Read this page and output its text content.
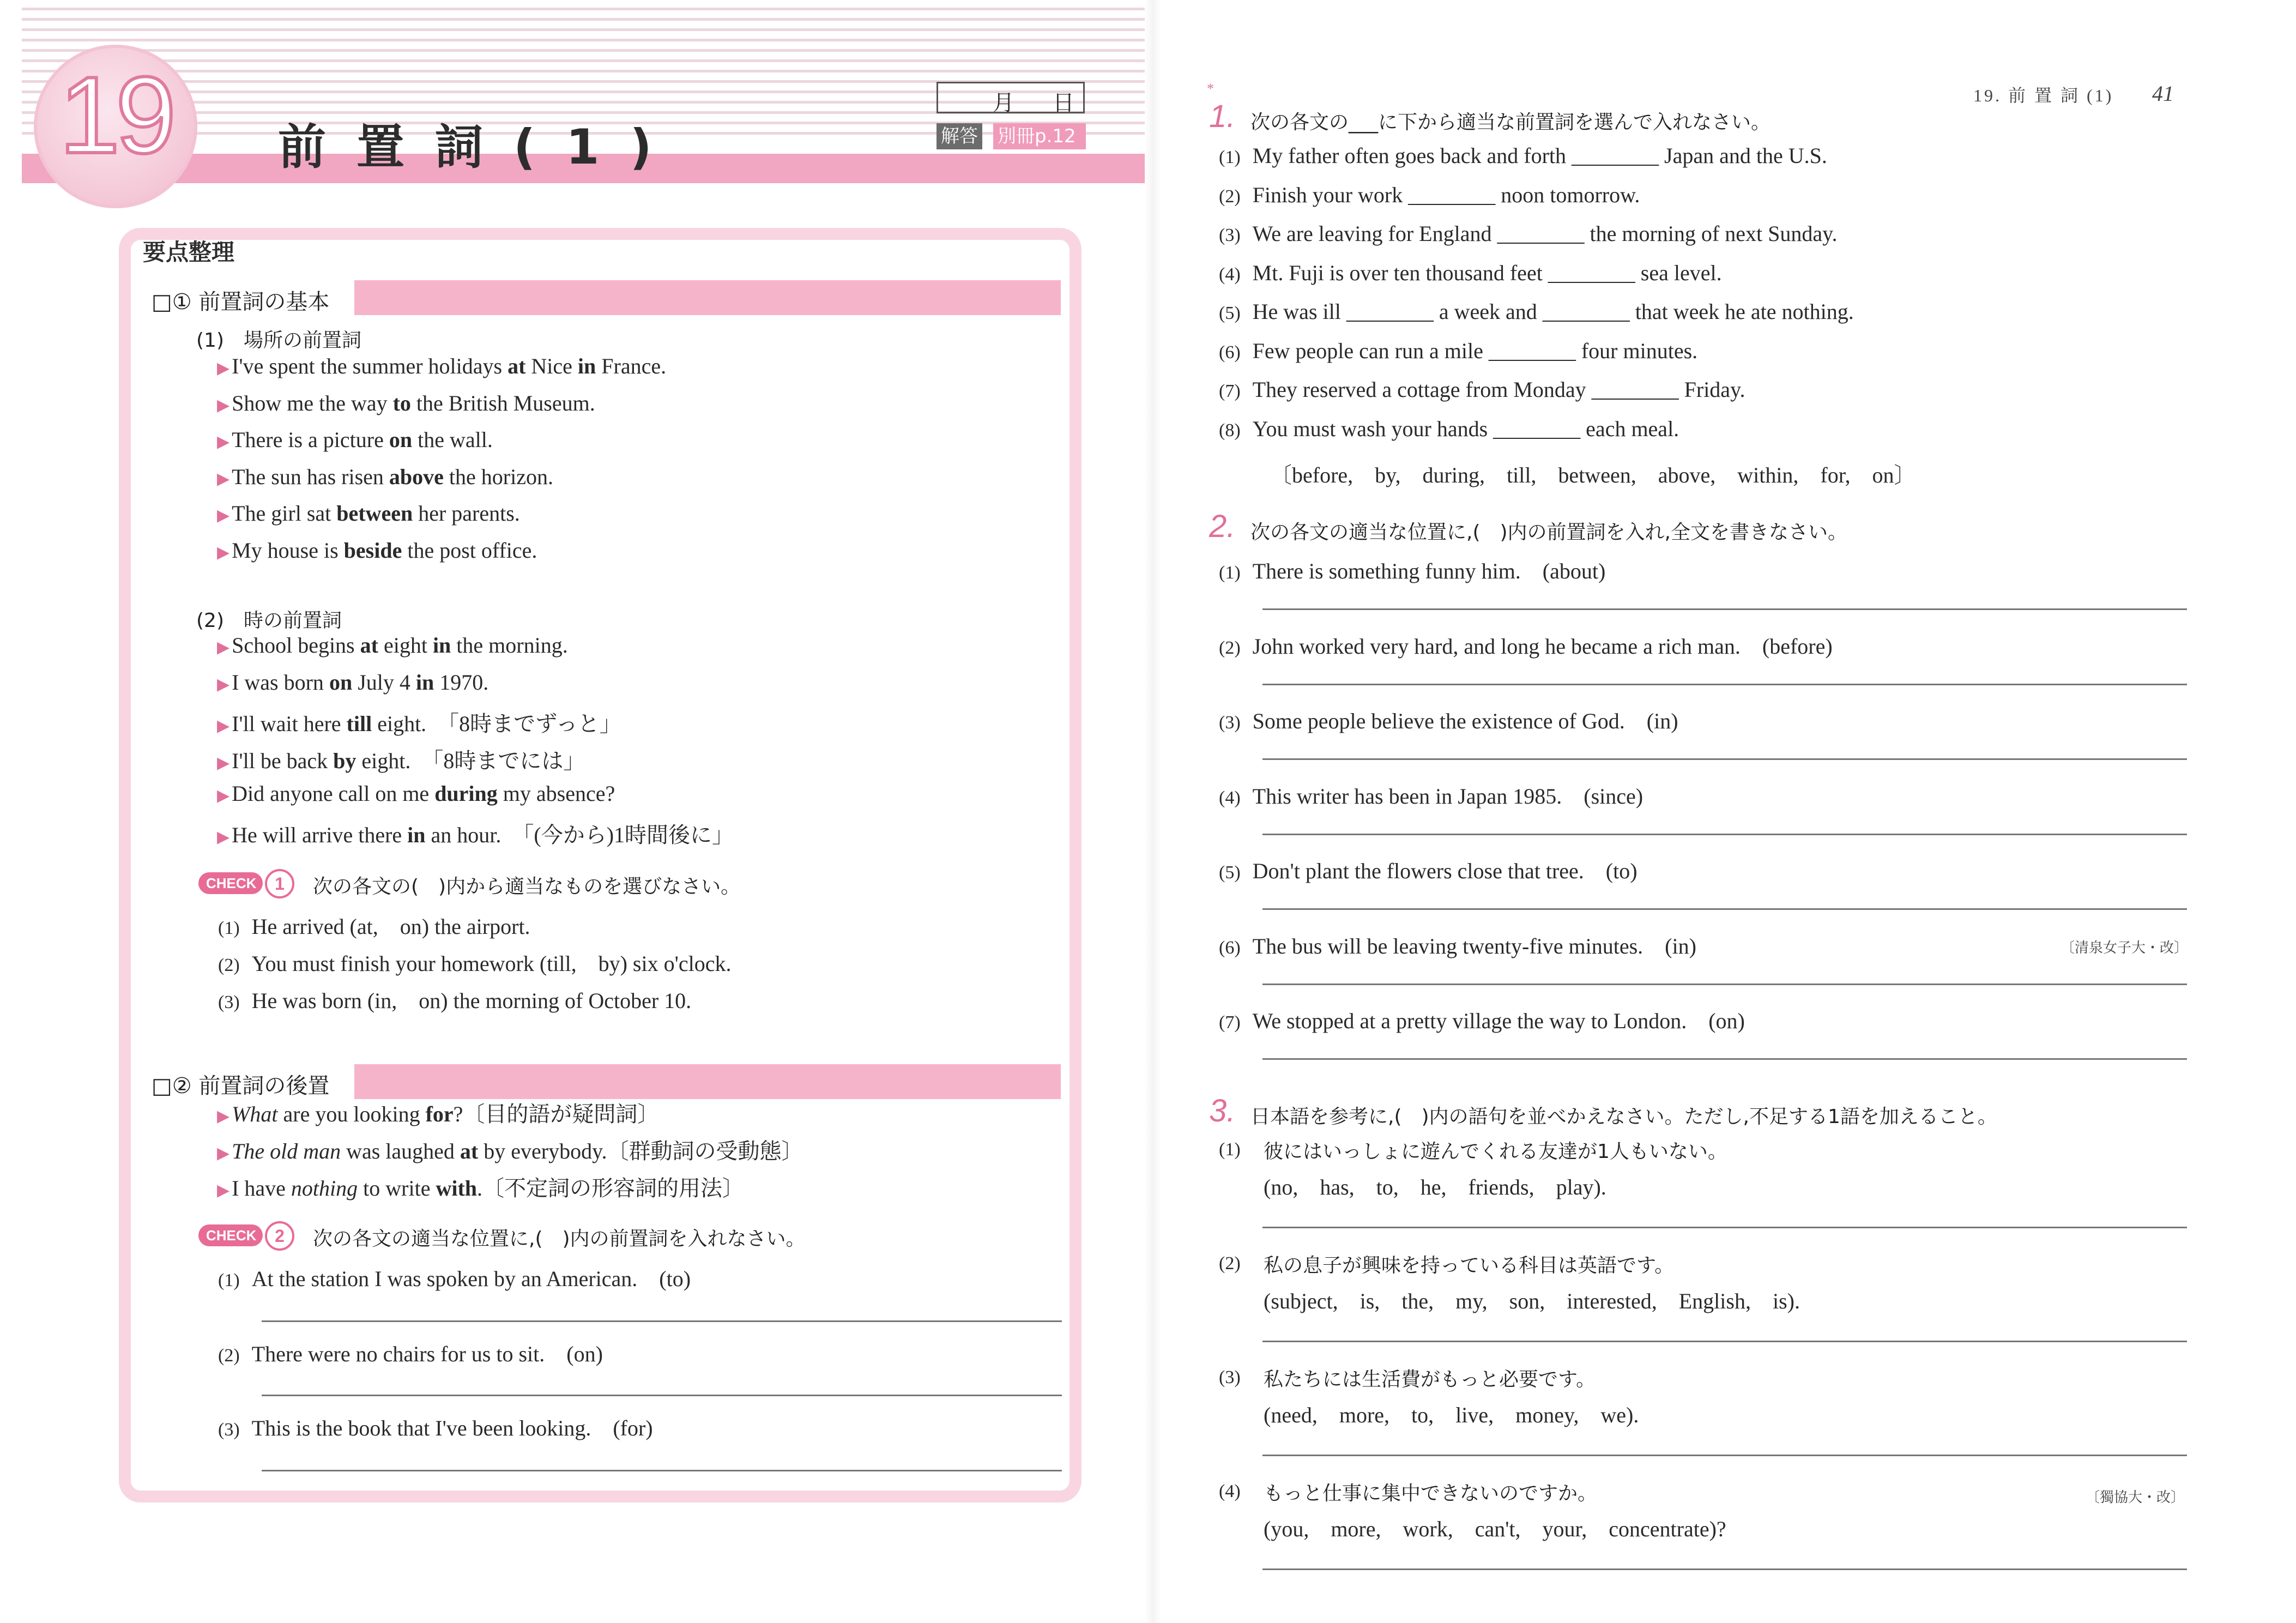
19	前置詞(1)
月 日
解答 別冊p.12
要点整理
□① 前置詞の基本
(1)　場所の前置詞
▶ I've spent the summer holidays at Nice in France.
▶ Show me the way to the British Museum.
▶ There is a picture on the wall.
▶ The sun has risen above the horizon.
▶ The girl sat between her parents.
▶ My house is beside the post office.
(2)　時の前置詞
▶ School begins at eight in the morning.
▶ I was born on July 4 in 1970.
▶ I'll wait here till eight.　「8時までずっと」
▶ I'll be back by eight.　「8時までには」
▶ Did anyone call on me during my absence?
▶ He will arrive there in an hour.　「(今から)1時間後に」
CHECK	1	次の各文の(　)内から適当なものを選びなさい。
(1) He arrived (at,　on) the airport.
(2) You must finish your homework (till,　by) six o'clock.
(3) He was born (in,　on) the morning of October 10.
□② 前置詞の後置
▶ What are you looking for?〔目的語が疑問詞〕
▶ The old man was laughed at by everybody.〔群動詞の受動態〕
▶ I have nothing to write with.〔不定詞の形容詞的用法〕
CHECK	2	次の各文の適当な位置に,(　)内の前置詞を入れなさい。
(1) At the station I was spoken by an American.　(to)
(2) There were no chairs for us to sit.　(on)
(3) This is the book that I've been looking.　(for)
19. 前 置 詞 (1) 41
*
1. 次の各文の___に下から適当な前置詞を選んで入れなさい。
(1) My father often goes back and forth ________ Japan and the U.S.
(2) Finish your work ________ noon tomorrow.
(3) We are leaving for England ________ the morning of next Sunday.
(4) Mt. Fuji is over ten thousand feet ________ sea level.
(5) He was ill ________ a week and ________ that week he ate nothing.
(6) Few people can run a mile ________ four minutes.
(7) They reserved a cottage from Monday ________ Friday.
(8) You must wash your hands ________ each meal.
〔before,　by,　during,　till,　between,　above,　within,　for,　on〕
2. 次の各文の適当な位置に,(　)内の前置詞を入れ,全文を書きなさい。
(1) There is something funny him.　(about)
(2) John worked very hard, and long he became a rich man.　(before)
(3) Some people believe the existence of God.　(in)
(4) This writer has been in Japan 1985.　(since)
(5) Don't plant the flowers close that tree.　(to)
(6) The bus will be leaving twenty-five minutes.　(in)
(7) We stopped at a pretty village the way to London.　(on)
〔清泉女子大・改〕
3. 日本語を参考に,(　)内の語句を並べかえなさい。ただし,不足する1語を加えること。
(1)	彼にはいっしょに遊んでくれる友達が1人もいない。
(no,　has,　to,　he,　friends,　play).
(2)	私の息子が興味を持っている科目は英語です。
(subject,　is,　the,　my,　son,　interested,　English,　is).
(3)	私たちには生活費がもっと必要です。
(need,　more,　to,　live,　money,　we).
(4)	もっと仕事に集中できないのですか。
(you,　more,　work,　can't,　your,　concentrate)?
〔獨協大・改〕
